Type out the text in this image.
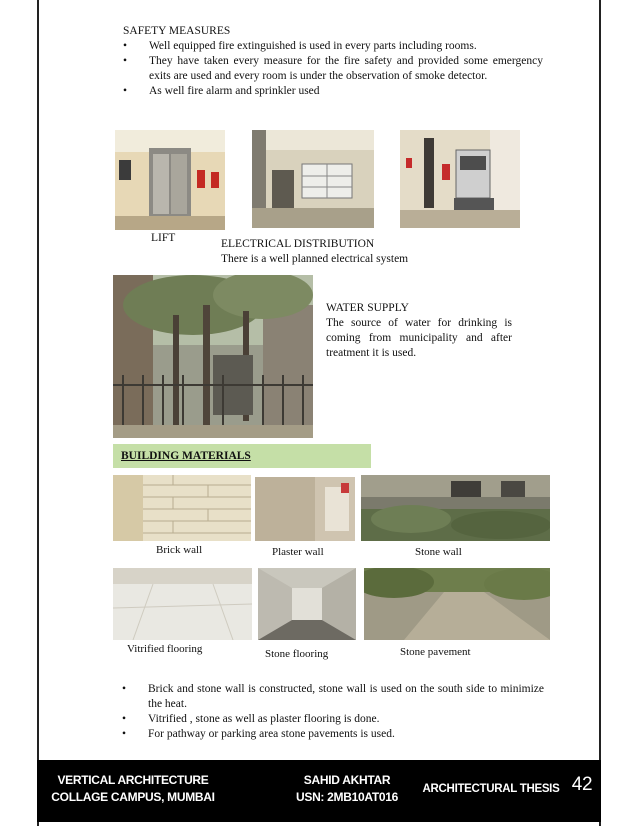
SAFETY MEASURES
• Well equipped fire extinguished is used in every parts including rooms.
• They have taken every measure for the fire safety and provided some emergency exits are used and every room is under the observation of smoke detector.
• As well fire alarm and sprinkler used
LIFT	ELECTRICAL DISTRIBUTION
There is a well planned electrical system
WATER SUPPLY
The source of water for drinking is coming from municipality and after treatment it is used.
BUILDING MATERIALS
Brick wall	Plaster wall	Stone wall
Vitrified flooring	Stone flooring	Stone pavement
• Brick and stone wall is constructed, stone wall is used on the south side to minimize the heat.
• Vitrified , stone as well as plaster flooring is done.
• For pathway or parking area stone pavements is used.
VERTICAL ARCHITECTURE
COLLAGE CAMPUS, MUMBAI
SAHID AKHTAR
USN: 2MB10AT016
ARCHITECTURAL THESIS 42
